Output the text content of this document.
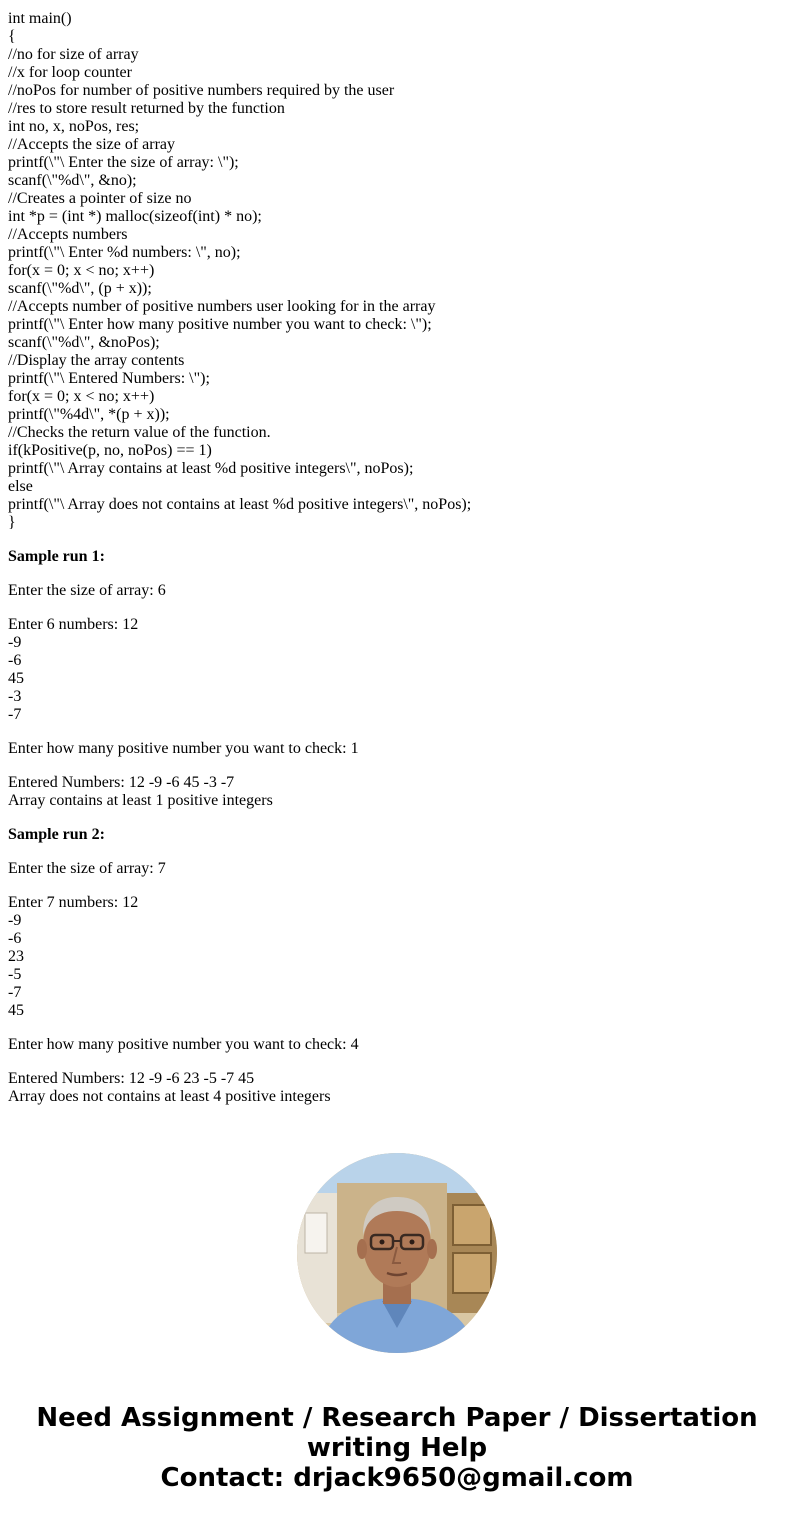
int main()
{
//no for size of array
//x for loop counter
//noPos for number of positive numbers required by the user
//res to store result returned by the function
int no, x, noPos, res;
//Accepts the size of array
printf(\"\ Enter the size of array: \");
scanf(\"%d\", &no);
//Creates a pointer of size no
int *p = (int *) malloc(sizeof(int) * no);
//Accepts numbers
printf(\"\ Enter %d numbers: \", no);
for(x = 0; x < no; x++)
scanf(\"%d\", (p + x));
//Accepts number of positive numbers user looking for in the array
printf(\"\ Enter how many positive number you want to check: \");
scanf(\"%d\", &noPos);
//Display the array contents
printf(\"\ Entered Numbers: \");
for(x = 0; x < no; x++)
printf(\"%4d\", *(p + x));
//Checks the return value of the function.
if(kPositive(p, no, noPos) == 1)
printf(\"\ Array contains at least %d positive integers\", noPos);
else
printf(\"\ Array does not contains at least %d positive integers\", noPos);
}
Sample run 1:
Enter the size of array: 6
Enter 6 numbers: 12
-9
-6
45
-3
-7
Enter how many positive number you want to check: 1
Entered Numbers: 12 -9 -6 45 -3 -7
Array contains at least 1 positive integers
Sample run 2:
Enter the size of array: 7
Enter 7 numbers: 12
-9
-6
23
-5
-7
45
Enter how many positive number you want to check: 4
Entered Numbers: 12 -9 -6 23 -5 -7 45
Array does not contains at least 4 positive integers
Need Assignment / Research Paper / Dissertation
writing Help
Contact: drjack9650@gmail.com
